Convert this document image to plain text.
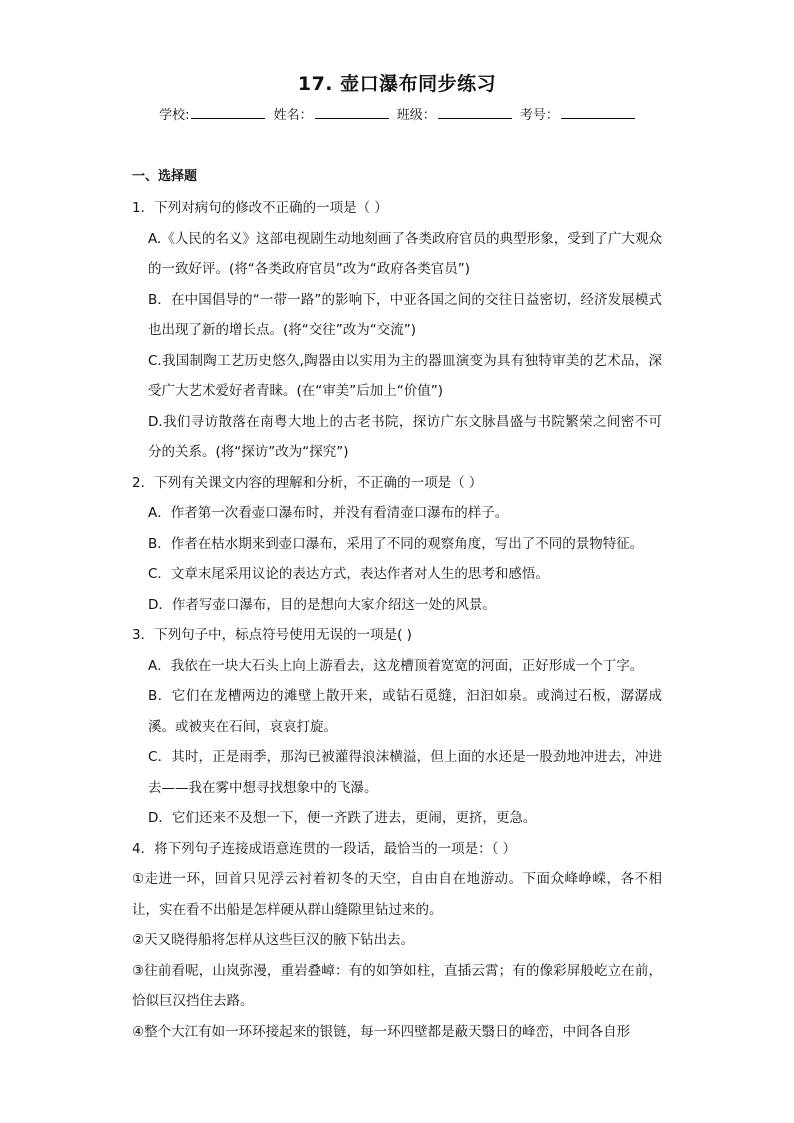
17. 壶口瀑布同步练习
学校:	姓名：	班级：	考号：
一、选择题

1．下列对病句的修改不正确的一项是（ ）

A.《人民的名义》这部电视剧生动地刻画了各类政府官员的典型形象，受到了广大观众的一致好评。(将“各类政府官员”改为“政府各类官员”)

B．在中国倡导的“一带一路”的影响下，中亚各国之间的交往日益密切，经济发展模式也出现了新的增长点。(将“交往”改为“交流”)

C.我国制陶工艺历史悠久,陶器由以实用为主的器皿演变为具有独特审美的艺术品，深受广大艺术爱好者青睐。(在“审美”后加上“价值”)

D.我们寻访散落在南粤大地上的古老书院，探访广东文脉昌盛与书院繁荣之间密不可分的关系。(将“探访”改为“探究”)

2．下列有关课文内容的理解和分析，不正确的一项是（ ）

A．作者第一次看壶口瀑布时，并没有看清壶口瀑布的样子。

B．作者在枯水期来到壶口瀑布，采用了不同的观察角度，写出了不同的景物特征。

C．文章末尾采用议论的表达方式，表达作者对人生的思考和感悟。

D．作者写壶口瀑布，目的是想向大家介绍这一处的风景。

3．下列句子中，标点符号使用无误的一项是( )

A．我依在一块大石头上向上游看去，这龙槽顶着宽宽的河面，正好形成一个丁字。

B．它们在龙槽两边的滩壁上散开来，或钻石觅缝，汩汩如泉。或淌过石板，潺潺成溪。或被夹在石间，哀哀打旋。

C．其时，正是雨季，那沟已被灌得浪沫横溢，但上面的水还是一股劲地冲进去，冲进去——我在雾中想寻找想象中的飞瀑。

D．它们还来不及想一下，便一齐跌了进去，更闹，更挤，更急。

4．将下列句子连接成语意连贯的一段话，最恰当的一项是：（ ）

①走进一环，回首只见浮云衬着初冬的天空，自由自在地游动。下面众峰峥嵘，各不相让，实在看不出船是怎样硬从群山缝隙里钻过来的。

②天又晓得船将怎样从这些巨汉的腋下钻出去。

③往前看呢，山岚弥漫，重岩叠嶂：有的如笋如柱，直插云霄；有的像彩屏般屹立在前，恰似巨汉挡住去路。

④整个大江有如一环环接起来的银链，每一环四壁都是蔽天翳日的峰峦，中间各自形
